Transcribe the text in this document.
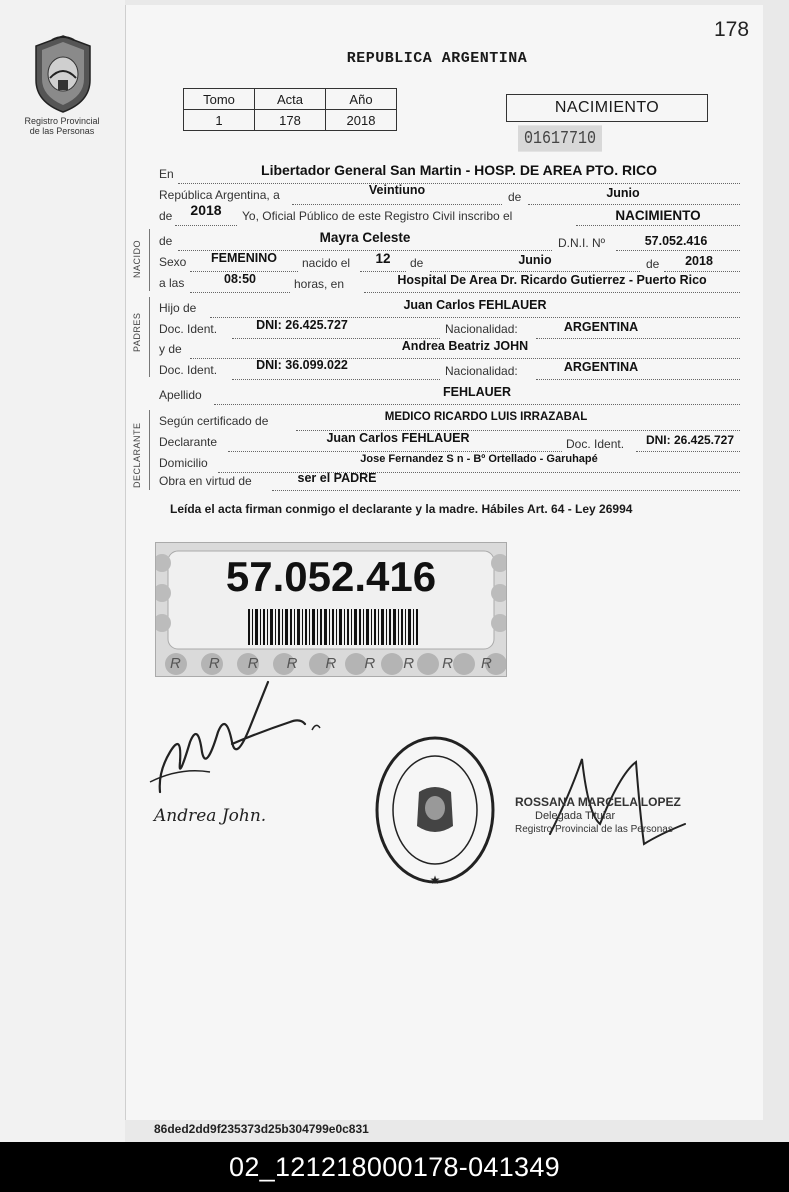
Registro Provincial
de las Personas
178
REPUBLICA ARGENTINA
Tomo	Acta	Año
1	178	2018
NACIMIENTO
01617710
NACIDO
PADRES
DECLARANTE
En	Libertador General San Martin - HOSP. DE AREA PTO. RICO
República Argentina, a	Veintiuno	de	Junio
de	2018	Yo, Oficial Público de este Registro Civil inscribo el	NACIMIENTO
de	Mayra Celeste	D.N.I. Nº	57.052.416
Sexo	FEMENINO	nacido el	12	de	Junio	de	2018
a las	08:50	horas, en	Hospital De Area Dr. Ricardo Gutierrez - Puerto Rico
Hijo de	Juan Carlos FEHLAUER
Doc. Ident.	DNI: 26.425.727	Nacionalidad:	ARGENTINA
y de	Andrea Beatriz JOHN
Doc. Ident.	DNI: 36.099.022	Nacionalidad:	ARGENTINA
Apellido	FEHLAUER
Según certificado de	MEDICO RICARDO LUIS IRRAZABAL
Declarante	Juan Carlos FEHLAUER	Doc. Ident.	DNI: 26.425.727
Domicilio	Jose Fernandez S n - Bº Ortellado - Garuhapé
Obra en virtud de	ser el PADRE
Leída el acta firman conmigo el declarante y la madre. Hábiles Art. 64 - Ley 26994
R R R R R R R R R
57.052.416
Andrea John.
★
ROSSANA MARCELA LOPEZ
Delegada Titular
Registro Provincial de las Personas
86ded2dd9f235373d25b304799e0c831
02_121218000178-041349
